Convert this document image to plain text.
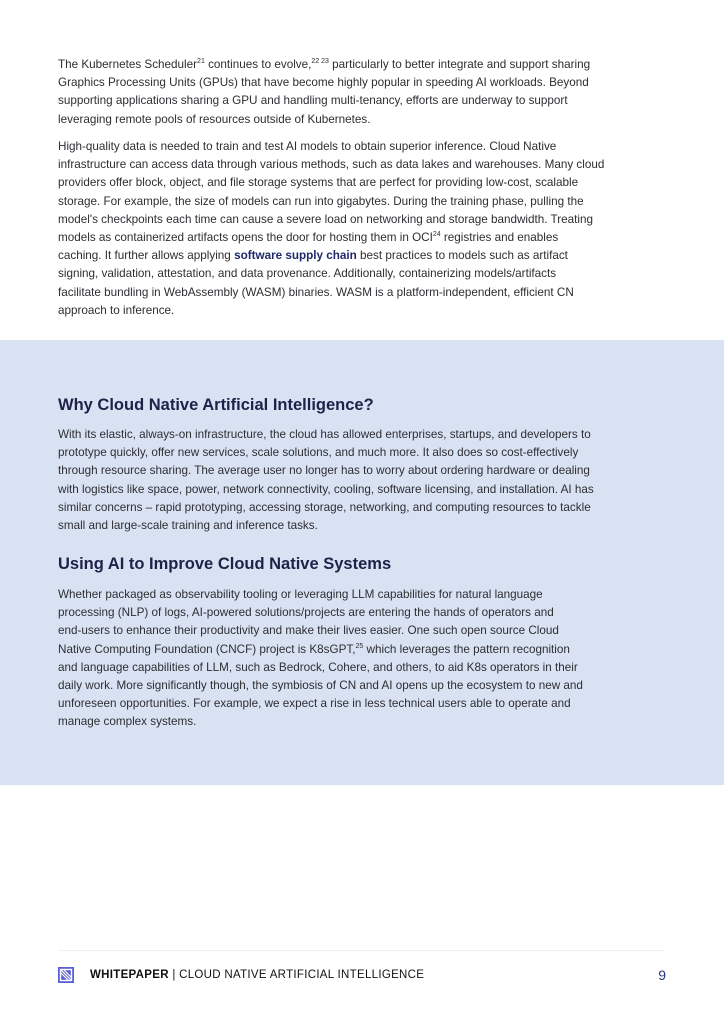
The Kubernetes Scheduler$^{21}$ continues to evolve,$^{22 23}$ particularly to better integrate and support sharing
Graphics Processing Units (GPUs) that have become highly popular in speeding AI workloads. Beyond
supporting applications sharing a GPU and handling multi-tenancy, efforts are underway to support
leveraging remote pools of resources outside of Kubernetes.
High-quality data is needed to train and test AI models to obtain superior inference. Cloud Native
infrastructure can access data through various methods, such as data lakes and warehouses. Many cloud
providers offer block, object, and file storage systems that are perfect for providing low-cost, scalable
storage. For example, the size of models can run into gigabytes. During the training phase, pulling the
model's checkpoints each time can cause a severe load on networking and storage bandwidth. Treating
models as containerized artifacts opens the door for hosting them in OCI$^{24}$ registries and enables
caching. It further allows applying software supply chain best practices to models such as artifact
signing, validation, attestation, and data provenance. Additionally, containerizing models/artifacts
facilitate bundling in WebAssembly (WASM) binaries. WASM is a platform-independent, efficient CN
approach to inference.
Why Cloud Native Artificial Intelligence?
With its elastic, always-on infrastructure, the cloud has allowed enterprises, startups, and developers to
prototype quickly, offer new services, scale solutions, and much more. It also does so cost-effectively
through resource sharing. The average user no longer has to worry about ordering hardware or dealing
with logistics like space, power, network connectivity, cooling, software licensing, and installation. AI has
similar concerns – rapid prototyping, accessing storage, networking, and computing resources to tackle
small and large-scale training and inference tasks.
Using AI to Improve Cloud Native Systems
Whether packaged as observability tooling or leveraging LLM capabilities for natural language
processing (NLP) of logs, AI-powered solutions/projects are entering the hands of operators and
end-users to enhance their productivity and make their lives easier. One such open source Cloud
Native Computing Foundation (CNCF) project is K8sGPT,$^{25}$ which leverages the pattern recognition
and language capabilities of LLM, such as Bedrock, Cohere, and others, to aid K8s operators in their
daily work. More significantly though, the symbiosis of CN and AI opens up the ecosystem to new and
unforeseen opportunities. For example, we expect a rise in less technical users able to operate and
manage complex systems.
WHITEPAPER | CLOUD NATIVE ARTIFICIAL INTELLIGENCE	9
